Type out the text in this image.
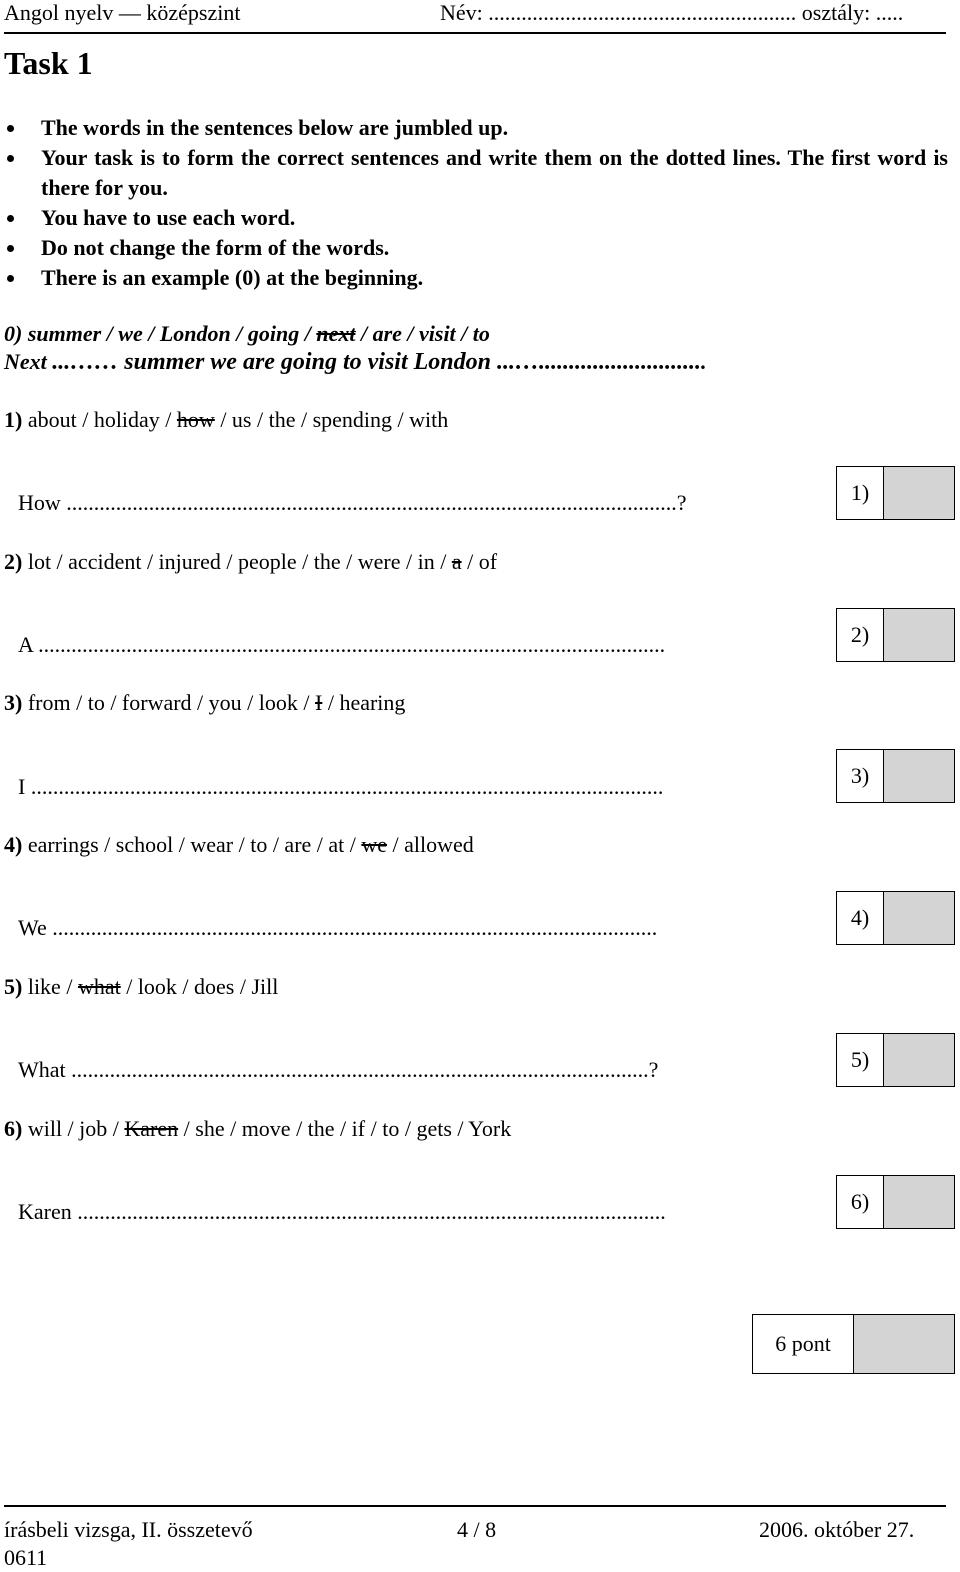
Angol nyelv — középszint	Név: ........................................................ osztály: .....
Task 1
The words in the sentences below are jumbled up.
Your task is to form the correct sentences and write them on the dotted lines. The first word is there for you.
You have to use each word.
Do not change the form of the words.
There is an example (0) at the beginning.
0) summer / we / London / going / next / are / visit / to
Next ...…… summer we are going to visit London ...…............................
1) about / holiday / how / us / the / spending / with
How ...............................................................................................................?	1)
2) lot / accident / injured / people / the / were / in / a / of
A ..................................................................................................................	2)
3) from / to / forward / you / look / I / hearing
I ...................................................................................................................	3)
4) earrings / school / wear / to / are / at / we / allowed
We ..............................................................................................................	4)
5) like / what / look / does / Jill
What .........................................................................................................?	5)
6) will / job / Karen / she / move / the / if / to / gets / York
Karen ...........................................................................................................	6)
6 pont
írásbeli vizsga, II. összetevő	4 / 8	2006. október 27.
0611
